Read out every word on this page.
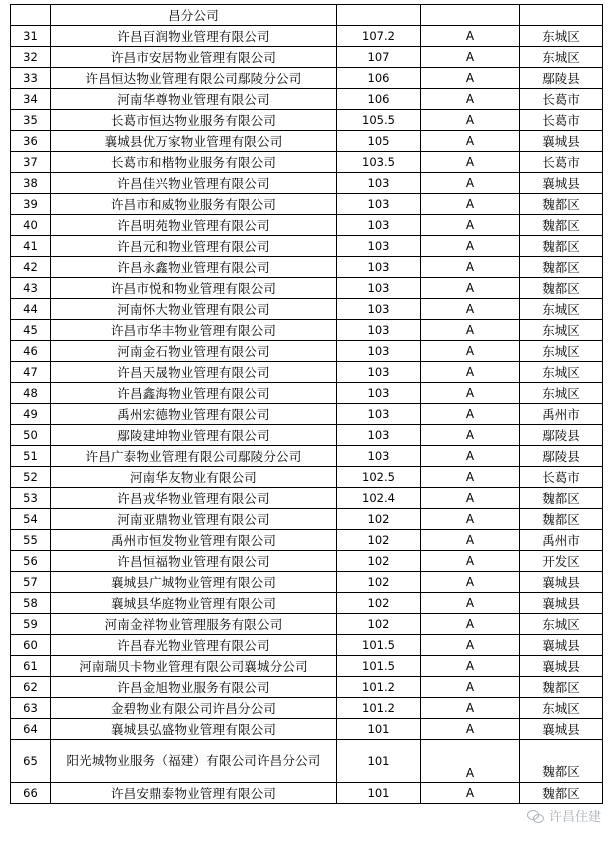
	昌分公司			
31	许昌百润物业管理有限公司	107.2	A	东城区
32	许昌市安居物业管理有限公司	107	A	东城区
33	许昌恒达物业管理有限公司鄢陵分公司	106	A	鄢陵县
34	河南华尊物业管理有限公司	106	A	长葛市
35	长葛市恒达物业服务有限公司	105.5	A	长葛市
36	襄城县优万家物业管理有限公司	105	A	襄城县
37	长葛市和楷物业服务有限公司	103.5	A	长葛市
38	许昌佳兴物业管理有限公司	103	A	襄城县
39	许昌市和威物业服务有限公司	103	A	魏都区
40	许昌明苑物业管理有限公司	103	A	魏都区
41	许昌元和物业管理有限公司	103	A	魏都区
42	许昌永鑫物业管理有限公司	103	A	魏都区
43	许昌市悦和物业管理有限公司	103	A	魏都区
44	河南怀大物业管理有限公司	103	A	东城区
45	许昌市华丰物业管理有限公司	103	A	东城区
46	河南金石物业管理有限公司	103	A	东城区
47	许昌天晟物业管理有限公司	103	A	东城区
48	许昌鑫海物业管理有限公司	103	A	东城区
49	禹州宏德物业管理有限公司	103	A	禹州市
50	鄢陵建坤物业管理有限公司	103	A	鄢陵县
51	许昌广泰物业管理有限公司鄢陵分公司	103	A	鄢陵县
52	河南华友物业有限公司	102.5	A	长葛市
53	许昌戎华物业管理有限公司	102.4	A	魏都区
54	河南亚鼎物业管理有限公司	102	A	魏都区
55	禹州市恒发物业管理有限公司	102	A	禹州市
56	许昌恒福物业管理有限公司	102	A	开发区
57	襄城县广城物业管理有限公司	102	A	襄城县
58	襄城县华庭物业管理有限公司	102	A	襄城县
59	河南金祥物业管理服务有限公司	102	A	东城区
60	许昌春光物业管理有限公司	101.5	A	襄城县
61	河南瑞贝卡物业管理有限公司襄城分公司	101.5	A	襄城县
62	许昌金旭物业服务有限公司	101.2	A	魏都区
63	金碧物业有限公司许昌分公司	101.2	A	东城区
64	襄城县弘盛物业管理有限公司	101	A	襄城县
65	阳光城物业服务（福建）有限公司许昌分公司	101	A	魏都区
66	许昌安鼎泰物业管理有限公司	101	A	魏都区
许昌住建
